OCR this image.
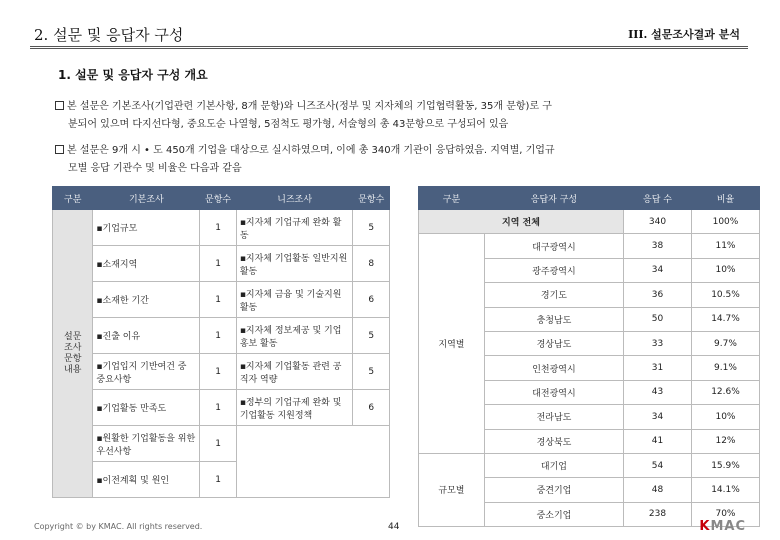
2. 설문 및 응답자 구성	III. 설문조사결과 분석
1. 설문 및 응답자 구성 개요
본 설문은 기본조사(기업관련 기본사항, 8개 문항)와 니즈조사(정부 및 지자체의 기업협력활동, 35개 문항)로 구
분되어 있으며 다지선다형, 중요도순 나열형, 5점척도 평가형, 서술형의 총 43문항으로 구성되어 있음
본 설문은 9개 시 • 도 450개 기업을 대상으로 실시하였으며, 이에 총 340개 기관이 응답하였음. 지역별, 기업규
모별 응답 기관수 및 비율은 다음과 같음
구분	기본조사	문항수	니즈조사	문항수
설문
조사
문항
내용	▪기업규모	1	▪지자체 기업규제 완화 활동	5
	▪소재지역	1	▪지자체 기업활동 일반지원 활동	8
	▪소재한 기간	1	▪지자체 금융 및 기술지원 활동	6
	▪진출 이유	1	▪지자체 정보제공 및 기업홍보 활동	5
	▪기업입지 기반여건 중 중요사항	1	▪지자체 기업활동 관련 공직자 역량	5
	▪기업활동 만족도	1	▪정부의 기업규제 완화 및 기업활동 지원정책	6
	▪원활한 기업활동을 위한 우선사항	1		
	▪이전계획 및 원인	1		
구분	응답자 구성	응답 수	비율
지역 전체		340	100%
지역별	대구광역시	38	11%
	광주광역시	34	10%
	경기도	36	10.5%
	충청남도	50	14.7%
	경상남도	33	9.7%
	인천광역시	31	9.1%
	대전광역시	43	12.6%
	전라남도	34	10%
	경상북도	41	12%
규모별	대기업	54	15.9%
	중견기업	48	14.1%
	중소기업	238	70%
Copyright © by KMAC. All rights reserved.	44	KMAC
